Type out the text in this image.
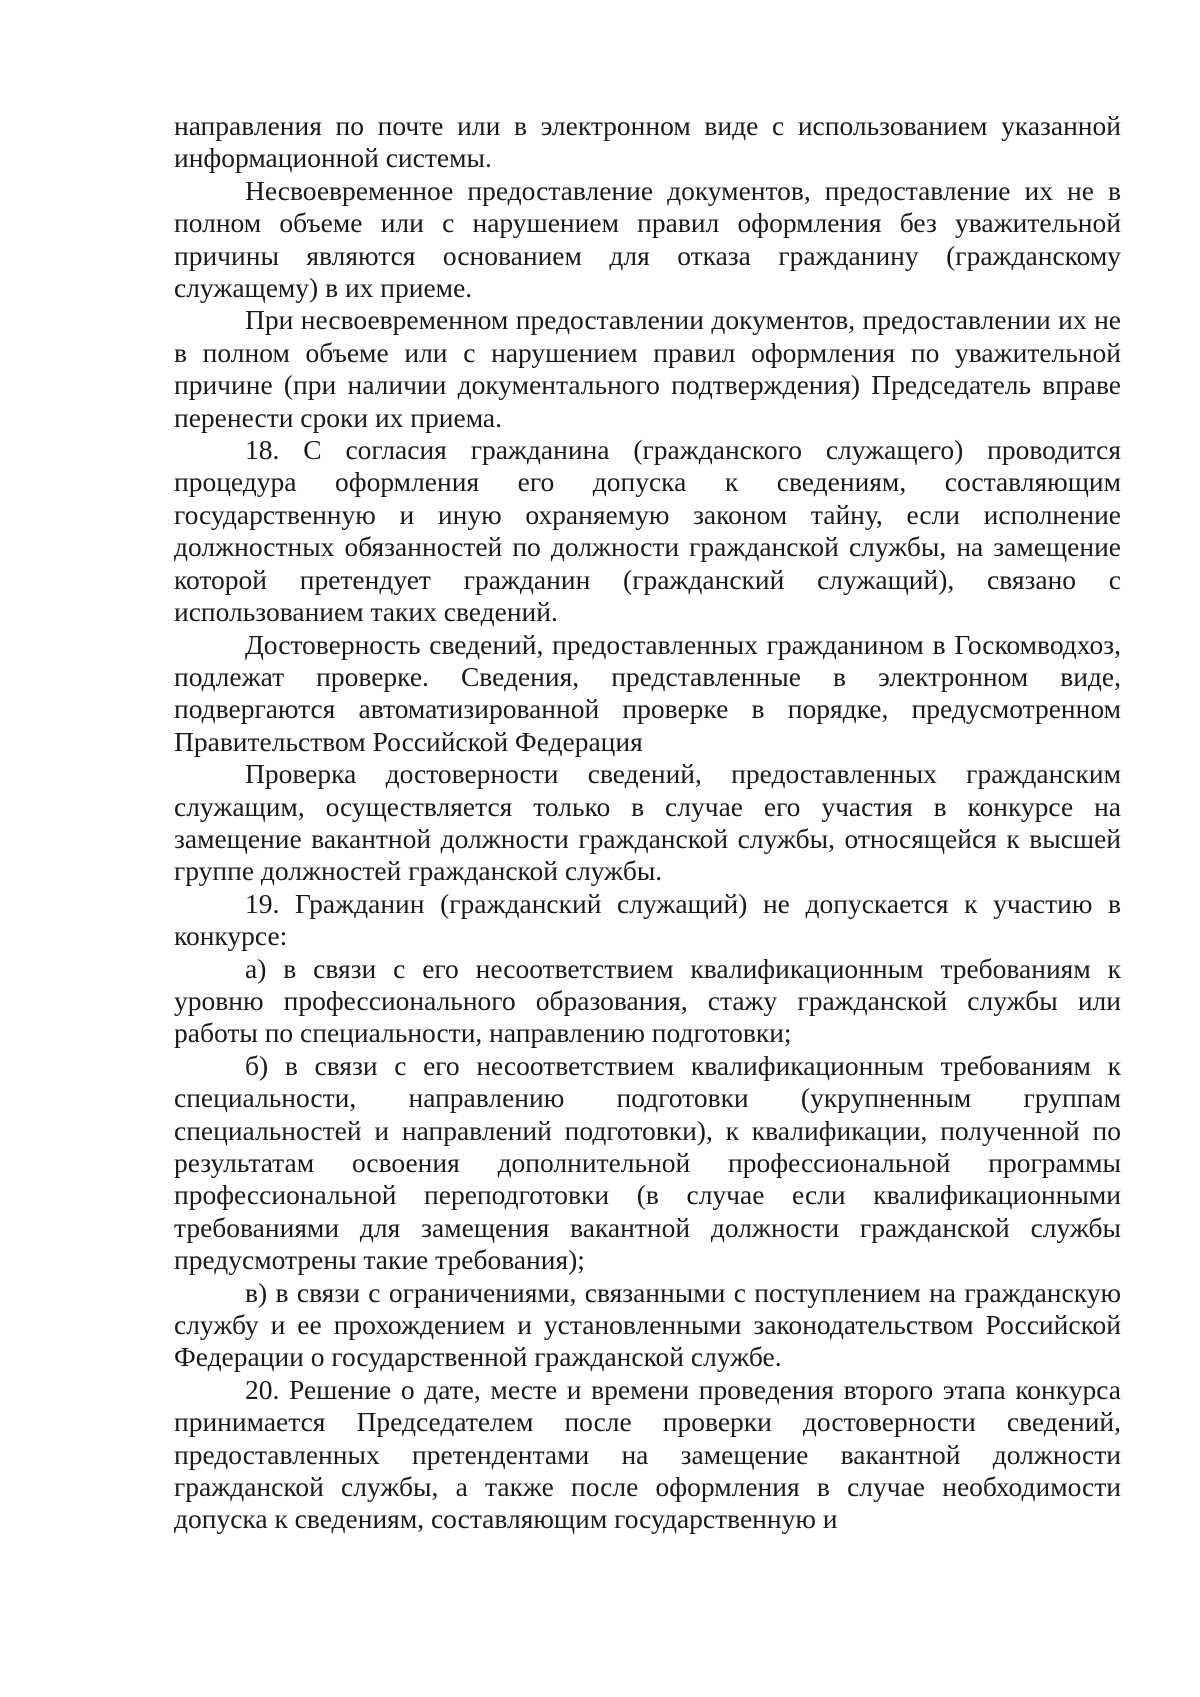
направления по почте или в электронном виде с использованием указанной информационной системы.

Несвоевременное предоставление документов, предоставление их не в полном объеме или с нарушением правил оформления без уважительной причины являются основанием для отказа гражданину (гражданскому служащему) в их приеме.

При несвоевременном предоставлении документов, предоставлении их не в полном объеме или с нарушением правил оформления по уважительной причине (при наличии документального подтверждения) Председатель вправе перенести сроки их приема.

18. С согласия гражданина (гражданского служащего) проводится процедура оформления его допуска к сведениям, составляющим государственную и иную охраняемую законом тайну, если исполнение должностных обязанностей по должности гражданской службы, на замещение которой претендует гражданин (гражданский служащий), связано с использованием таких сведений.

Достоверность сведений, предоставленных гражданином в Госкомводхоз, подлежат проверке. Сведения, представленные в электронном виде, подвергаются автоматизированной проверке в порядке, предусмотренном Правительством Российской Федерация

Проверка достоверности сведений, предоставленных гражданским служащим, осуществляется только в случае его участия в конкурсе на замещение вакантной должности гражданской службы, относящейся к высшей группе должностей гражданской службы.

19. Гражданин (гражданский служащий) не допускается к участию в конкурсе:

а) в связи с его несоответствием квалификационным требованиям к уровню профессионального образования, стажу гражданской службы или работы по специальности, направлению подготовки;

б) в связи с его несоответствием квалификационным требованиям к специальности, направлению подготовки (укрупненным группам специальностей и направлений подготовки), к квалификации, полученной по результатам освоения дополнительной профессиональной программы профессиональной переподготовки (в случае если квалификационными требованиями для замещения вакантной должности гражданской службы предусмотрены такие требования);

в) в связи с ограничениями, связанными с поступлением на гражданскую службу и ее прохождением и установленными законодательством Российской Федерации о государственной гражданской службе.

20. Решение о дате, месте и времени проведения второго этапа конкурса принимается Председателем после проверки достоверности сведений, предоставленных претендентами на замещение вакантной должности гражданской службы, а также после оформления в случае необходимости допуска к сведениям, составляющим государственную и
